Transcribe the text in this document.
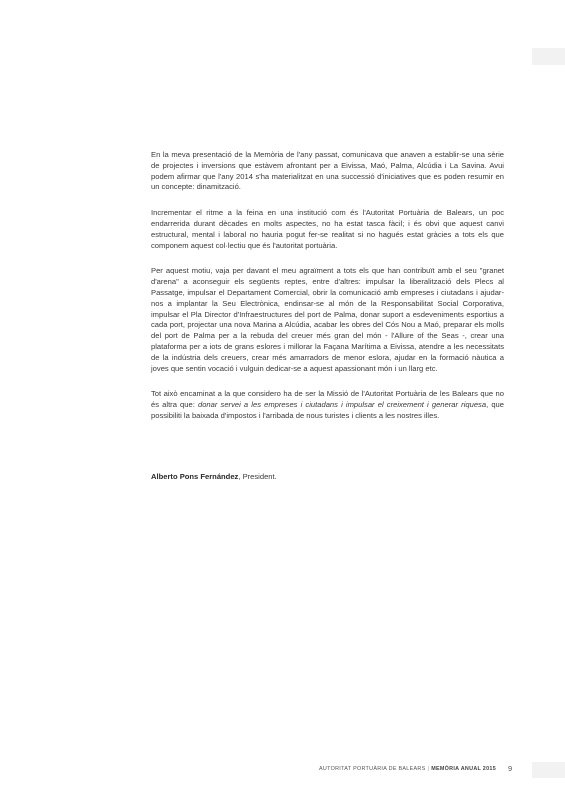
En la meva presentació de la Memòria de l'any passat, comunicava que anaven a establir-se una sèrie de projectes i inversions que estàvem afrontant per a Eivissa, Maó, Palma, Alcúdia i La Savina. Avui podem afirmar que l'any 2014 s'ha materialitzat en una successió d'iniciatives que es poden resumir en un concepte: dinamització.

Incrementar el ritme a la feina en una institució com és l'Autoritat Portuària de Balears, un poc endarrerida durant dècades en molts aspectes, no ha estat tasca fàcil; i és obvi que aquest canvi estructural, mental i laboral no hauria pogut fer-se realitat si no hagués estat gràcies a tots els que componem aquest col·lectiu que és l'autoritat portuària.

Per aquest motiu, vaja per davant el meu agraïment a tots els que han contribuït amb el seu "granet d'arena" a aconseguir els següents reptes, entre d'altres: impulsar la liberalització dels Plecs al Passatge, impulsar el Departament Comercial, obrir la comunicació amb empreses i ciutadans i ajudar-nos a implantar la Seu Electrònica, endinsar-se al món de la Responsabilitat Social Corporativa, impulsar el Pla Director d'Infraestructures del port de Palma, donar suport a esdeveniments esportius a cada port, projectar una nova Marina a Alcúdia, acabar les obres del Cós Nou a Maó, preparar els molls del port de Palma per a la rebuda del creuer més gran del món - l'Allure of the Seas -, crear una plataforma per a iots de grans eslores i millorar la Façana Marítima a Eivissa, atendre a les necessitats de la indústria dels creuers, crear més amarradors de menor eslora, ajudar en la formació nàutica a joves que sentin vocació i vulguin dedicar-se a aquest apassionant món i un llarg etc.

Tot això encaminat a la que considero ha de ser la Missió de l'Autoritat Portuària de les Balears que no és altra que: donar servei a les empreses i ciutadans i impulsar el creixement i generar riquesa, que possibiliti la baixada d'impostos i l'arribada de nous turistes i clients a les nostres illes.

Alberto Pons Fernández, President.
AUTORITAT PORTUÀRIA DE BALEARS | MEMÒRIA ANUAL 2015 9
